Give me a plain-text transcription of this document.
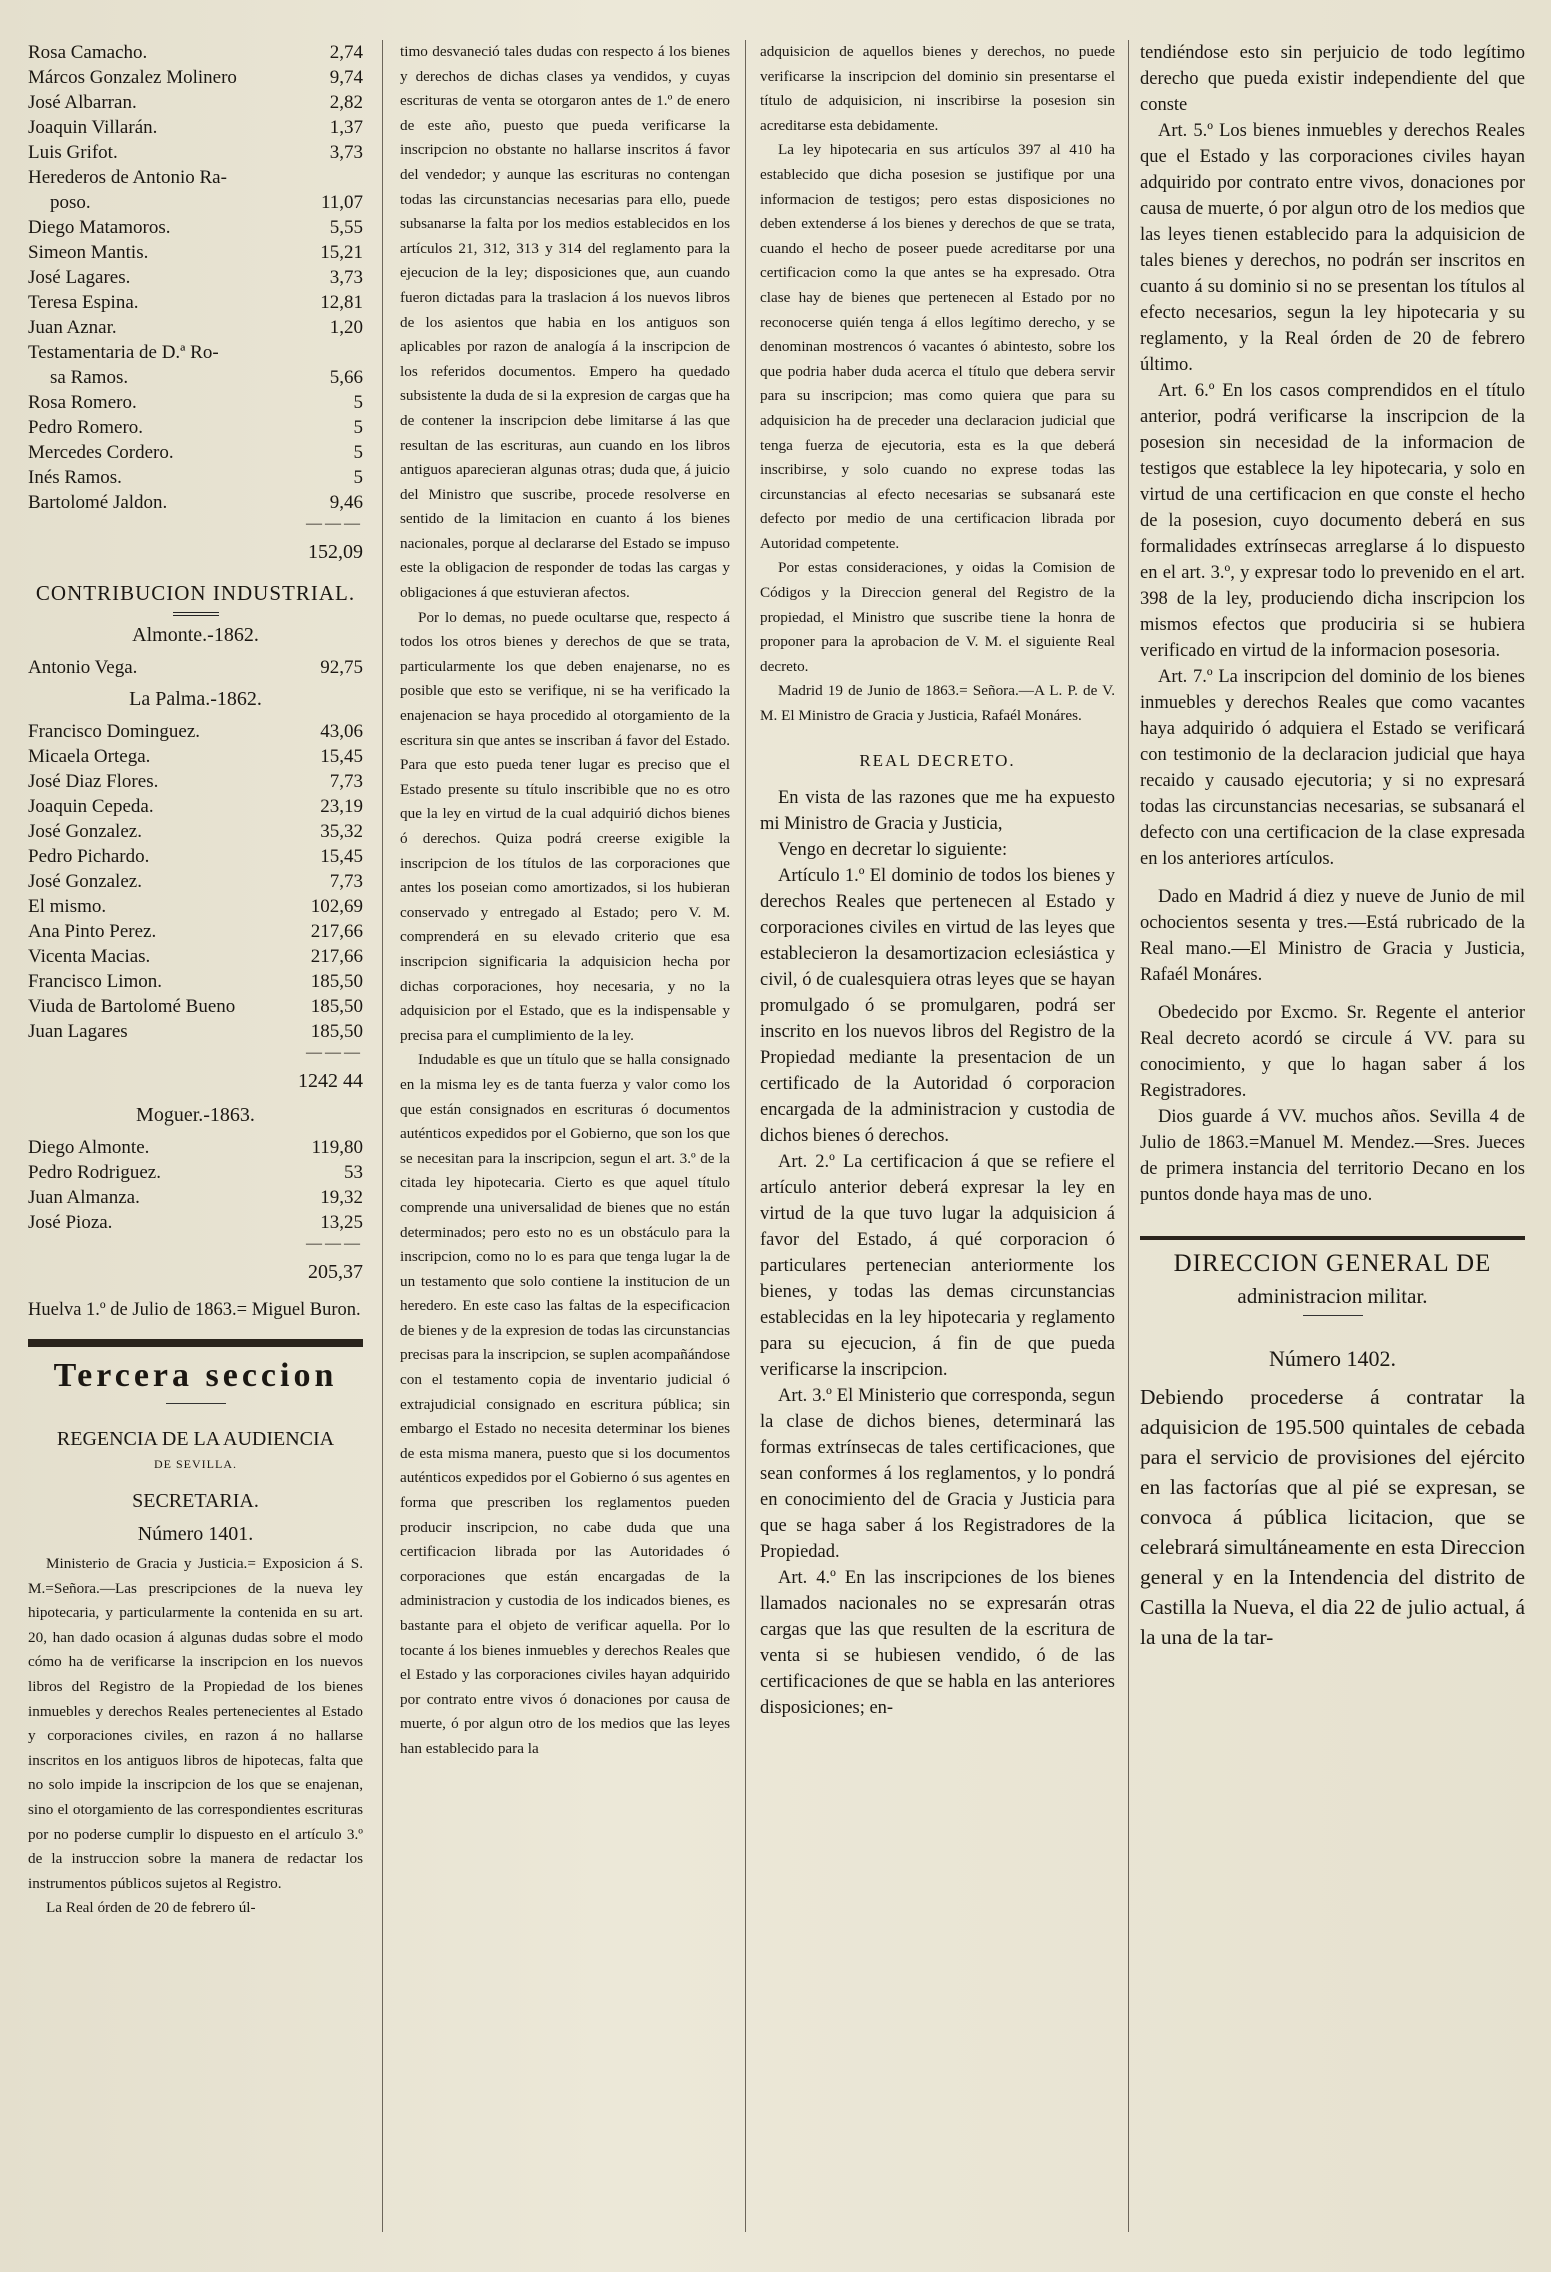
Rosa Camacho.	2,74
Márcos Gonzalez Molinero	9,74
José Albarran.	2,82
Joaquin Villarán.	1,37
Luis Grifot.	3,73
Herederos de Antonio Ra-
poso.	11,07
Diego Matamoros.	5,55
Simeon Mantis.	15,21
José Lagares.	3,73
Teresa Espina.	12,81
Juan Aznar.	1,20
Testamentaria de D.ª Ro-
sa Ramos.	5,66
Rosa Romero.	5
Pedro Romero.	5
Mercedes Cordero.	5
Inés Ramos.	5
Bartolomé Jaldon.	9,46
———
152,09
CONTRIBUCION INDUSTRIAL.
Almonte.-1862.
Antonio Vega.	92,75
La Palma.-1862.
Francisco Dominguez.	43,06
Micaela Ortega.	15,45
José Diaz Flores.	7,73
Joaquin Cepeda.	23,19
José Gonzalez.	35,32
Pedro Pichardo.	15,45
José Gonzalez.	7,73
El mismo.	102,69
Ana Pinto Perez.	217,66
Vicenta Macias.	217,66
Francisco Limon.	185,50
Viuda de Bartolomé Bueno	185,50
Juan Lagares	185,50
———
1242 44
Moguer.-1863.
Diego Almonte.	119,80
Pedro Rodriguez.	53
Juan Almanza.	19,32
José Pioza.	13,25
———
205,37
Huelva 1.º de Julio de 1863.= Miguel Buron.
Tercera seccion
REGENCIA DE LA AUDIENCIA
DE SEVILLA.
SECRETARIA.
Número 1401.

Ministerio de Gracia y Justicia.= Exposicion á S. M.=Señora.—Las prescripciones de la nueva ley hipotecaria, y particularmente la contenida en su art. 20, han dado ocasion á algunas dudas sobre el modo cómo ha de verificarse la inscripcion en los nuevos libros del Registro de la Propiedad de los bienes inmuebles y derechos Reales pertenecientes al Estado y corporaciones civiles, en razon á no hallarse inscritos en los antiguos libros de hipotecas, falta que no solo impide la inscripcion de los que se enajenan, sino el otorgamiento de las correspondientes escrituras por no poderse cumplir lo dispuesto en el artículo 3.º de la instruccion sobre la manera de redactar los instrumentos públicos sujetos al Registro.

La Real órden de 20 de febrero úl-

timo desvaneció tales dudas con respecto á los bienes y derechos de dichas clases ya vendidos, y cuyas escrituras de venta se otorgaron antes de 1.º de enero de este año, puesto que pueda verificarse la inscripcion no obstante no hallarse inscritos á favor del vendedor; y aunque las escrituras no contengan todas las circunstancias necesarias para ello, puede subsanarse la falta por los medios establecidos en los artículos 21, 312, 313 y 314 del reglamento para la ejecucion de la ley; disposiciones que, aun cuando fueron dictadas para la traslacion á los nuevos libros de los asientos que habia en los antiguos son aplicables por razon de analogía á la inscripcion de los referidos documentos. Empero ha quedado subsistente la duda de si la expresion de cargas que ha de contener la inscripcion debe limitarse á las que resultan de las escrituras, aun cuando en los libros antiguos aparecieran algunas otras; duda que, á juicio del Ministro que suscribe, procede resolverse en sentido de la limitacion en cuanto á los bienes nacionales, porque al declararse del Estado se impuso este la obligacion de responder de todas las cargas y obligaciones á que estuvieran afectos.

Por lo demas, no puede ocultarse que, respecto á todos los otros bienes y derechos de que se trata, particularmente los que deben enajenarse, no es posible que esto se verifique, ni se ha verificado la enajenacion se haya procedido al otorgamiento de la escritura sin que antes se inscriban á favor del Estado. Para que esto pueda tener lugar es preciso que el Estado presente su título inscribible que no es otro que la ley en virtud de la cual adquirió dichos bienes ó derechos. Quiza podrá creerse exigible la inscripcion de los títulos de las corporaciones que antes los poseian como amortizados, si los hubieran conservado y entregado al Estado; pero V. M. comprenderá en su elevado criterio que esa inscripcion significaria la adquisicion hecha por dichas corporaciones, hoy necesaria, y no la adquisicion por el Estado, que es la indispensable y precisa para el cumplimiento de la ley.

Indudable es que un título que se halla consignado en la misma ley es de tanta fuerza y valor como los que están consignados en escrituras ó documentos auténticos expedidos por el Gobierno, que son los que se necesitan para la inscripcion, segun el art. 3.º de la citada ley hipotecaria. Cierto es que aquel título comprende una universalidad de bienes que no están determinados; pero esto no es un obstáculo para la inscripcion, como no lo es para que tenga lugar la de un testamento que solo contiene la institucion de un heredero. En este caso las faltas de la especificacion de bienes y de la expresion de todas las circunstancias precisas para la inscripcion, se suplen acompañándose con el testamento copia de inventario judicial ó extrajudicial consignado en escritura pública; sin embargo el Estado no necesita determinar los bienes de esta misma manera, puesto que si los documentos auténticos expedidos por el Gobierno ó sus agentes en forma que prescriben los reglamentos pueden producir inscripcion, no cabe duda que una certificacion librada por las Autoridades ó corporaciones que están encargadas de la administracion y custodia de los indicados bienes, es bastante para el objeto de verificar aquella. Por lo tocante á los bienes inmuebles y derechos Reales que el Estado y las corporaciones civiles hayan adquirido por contrato entre vivos ó donaciones por causa de muerte, ó por algun otro de los medios que las leyes han establecido para la

adquisicion de aquellos bienes y derechos, no puede verificarse la inscripcion del dominio sin presentarse el título de adquisicion, ni inscribirse la posesion sin acreditarse esta debidamente.

La ley hipotecaria en sus artículos 397 al 410 ha establecido que dicha posesion se justifique por una informacion de testigos; pero estas disposiciones no deben extenderse á los bienes y derechos de que se trata, cuando el hecho de poseer puede acreditarse por una certificacion como la que antes se ha expresado. Otra clase hay de bienes que pertenecen al Estado por no reconocerse quién tenga á ellos legítimo derecho, y se denominan mostrencos ó vacantes ó abintesto, sobre los que podria haber duda acerca el título que debera servir para su inscripcion; mas como quiera que para su adquisicion ha de preceder una declaracion judicial que tenga fuerza de ejecutoria, esta es la que deberá inscribirse, y solo cuando no exprese todas las circunstancias al efecto necesarias se subsanará este defecto por medio de una certificacion librada por Autoridad competente.

Por estas consideraciones, y oidas la Comision de Códigos y la Direccion general del Registro de la propiedad, el Ministro que suscribe tiene la honra de proponer para la aprobacion de V. M. el siguiente Real decreto.

Madrid 19 de Junio de 1863.= Señora.—A L. P. de V. M. El Ministro de Gracia y Justicia, Rafaél Monáres.

REAL DECRETO.

En vista de las razones que me ha expuesto mi Ministro de Gracia y Justicia,

Vengo en decretar lo siguiente:

Artículo 1.º El dominio de todos los bienes y derechos Reales que pertenecen al Estado y corporaciones civiles en virtud de las leyes que establecieron la desamortizacion eclesiástica y civil, ó de cualesquiera otras leyes que se hayan promulgado ó se promulgaren, podrá ser inscrito en los nuevos libros del Registro de la Propiedad mediante la presentacion de un certificado de la Autoridad ó corporacion encargada de la administracion y custodia de dichos bienes ó derechos.

Art. 2.º La certificacion á que se refiere el artículo anterior deberá expresar la ley en virtud de la que tuvo lugar la adquisicion á favor del Estado, á qué corporacion ó particulares pertenecian anteriormente los bienes, y todas las demas circunstancias establecidas en la ley hipotecaria y reglamento para su ejecucion, á fin de que pueda verificarse la inscripcion.

Art. 3.º El Ministerio que corresponda, segun la clase de dichos bienes, determinará las formas extrínsecas de tales certificaciones, que sean conformes á los reglamentos, y lo pondrá en conocimiento del de Gracia y Justicia para que se haga saber á los Registradores de la Propiedad.

Art. 4.º En las inscripciones de los bienes llamados nacionales no se expresarán otras cargas que las que resulten de la escritura de venta si se hubiesen vendido, ó de las certificaciones de que se habla en las anteriores disposiciones; en-

tendiéndose esto sin perjuicio de todo legítimo derecho que pueda existir independiente del que conste

Art. 5.º Los bienes inmuebles y derechos Reales que el Estado y las corporaciones civiles hayan adquirido por contrato entre vivos, donaciones por causa de muerte, ó por algun otro de los medios que las leyes tienen establecido para la adquisicion de tales bienes y derechos, no podrán ser inscritos en cuanto á su dominio si no se presentan los títulos al efecto necesarios, segun la ley hipotecaria y su reglamento, y la Real órden de 20 de febrero último.

Art. 6.º En los casos comprendidos en el título anterior, podrá verificarse la inscripcion de la posesion sin necesidad de la informacion de testigos que establece la ley hipotecaria, y solo en virtud de una certificacion en que conste el hecho de la posesion, cuyo documento deberá en sus formalidades extrínsecas arreglarse á lo dispuesto en el art. 3.º, y expresar todo lo prevenido en el art. 398 de la ley, produciendo dicha inscripcion los mismos efectos que produciria si se hubiera verificado en virtud de la informacion posesoria.

Art. 7.º La inscripcion del dominio de los bienes inmuebles y derechos Reales que como vacantes haya adquirido ó adquiera el Estado se verificará con testimonio de la declaracion judicial que haya recaido y causado ejecutoria; y si no expresará todas las circunstancias necesarias, se subsanará el defecto con una certificacion de la clase expresada en los anteriores artículos.

Dado en Madrid á diez y nueve de Junio de mil ochocientos sesenta y tres.—Está rubricado de la Real mano.—El Ministro de Gracia y Justicia, Rafaél Monáres.

Obedecido por Excmo. Sr. Regente el anterior Real decreto acordó se circule á VV. para su conocimiento, y que lo hagan saber á los Registradores.

Dios guarde á VV. muchos años. Sevilla 4 de Julio de 1863.=Manuel M. Mendez.—Sres. Jueces de primera instancia del territorio Decano en los puntos donde haya mas de uno.

DIRECCION GENERAL DE
administracion militar.
Número 1402.

Debiendo procederse á contratar la adquisicion de 195.500 quintales de cebada para el servicio de provisiones del ejército en las factorías que al pié se expresan, se convoca á pública licitacion, que se celebrará simultáneamente en esta Direccion general y en la Intendencia del distrito de Castilla la Nueva, el dia 22 de julio actual, á la una de la tar-
